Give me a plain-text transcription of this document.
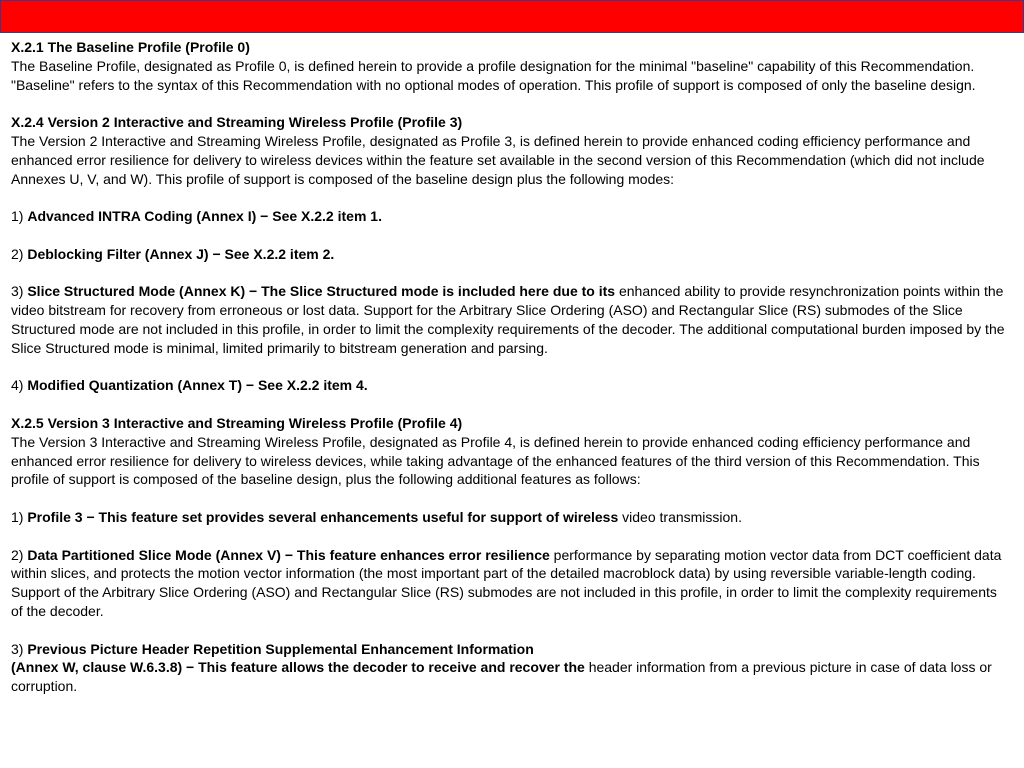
X.2.1 The Baseline Profile (Profile 0)
The Baseline Profile, designated as Profile 0, is defined herein to provide a profile designation for the minimal "baseline" capability of this Recommendation. "Baseline" refers to the syntax of this Recommendation with no optional modes of operation. This profile of support is composed of only the baseline design.
X.2.4 Version 2 Interactive and Streaming Wireless Profile (Profile 3)
The Version 2 Interactive and Streaming Wireless Profile, designated as Profile 3, is defined herein to provide enhanced coding efficiency performance and enhanced error resilience for delivery to wireless devices within the feature set available in the second version of this Recommendation (which did not include Annexes U, V, and W). This profile of support is composed of the baseline design plus the following modes:
1) Advanced INTRA Coding (Annex I) − See X.2.2 item 1.
2) Deblocking Filter (Annex J) − See X.2.2 item 2.
3) Slice Structured Mode (Annex K) − The Slice Structured mode is included here due to its enhanced ability to provide resynchronization points within the video bitstream for recovery from erroneous or lost data. Support for the Arbitrary Slice Ordering (ASO) and Rectangular Slice (RS) submodes of the Slice Structured mode are not included in this profile, in order to limit the complexity requirements of the decoder. The additional computational burden imposed by the Slice Structured mode is minimal, limited primarily to bitstream generation and parsing.
4) Modified Quantization (Annex T) − See X.2.2 item 4.
X.2.5 Version 3 Interactive and Streaming Wireless Profile (Profile 4)
The Version 3 Interactive and Streaming Wireless Profile, designated as Profile 4, is defined herein to provide enhanced coding efficiency performance and enhanced error resilience for delivery to wireless devices, while taking advantage of the enhanced features of the third version of this Recommendation. This profile of support is composed of the baseline design, plus the following additional features as follows:
1) Profile 3 − This feature set provides several enhancements useful for support of wireless video transmission.
2) Data Partitioned Slice Mode (Annex V) − This feature enhances error resilience performance by separating motion vector data from DCT coefficient data within slices, and protects the motion vector information (the most important part of the detailed macroblock data) by using reversible variable-length coding. Support of the Arbitrary Slice Ordering (ASO) and Rectangular Slice (RS) submodes are not included in this profile, in order to limit the complexity requirements of the decoder.
3) Previous Picture Header Repetition Supplemental Enhancement Information
(Annex W, clause W.6.3.8) − This feature allows the decoder to receive and recover the header information from a previous picture in case of data loss or corruption.
